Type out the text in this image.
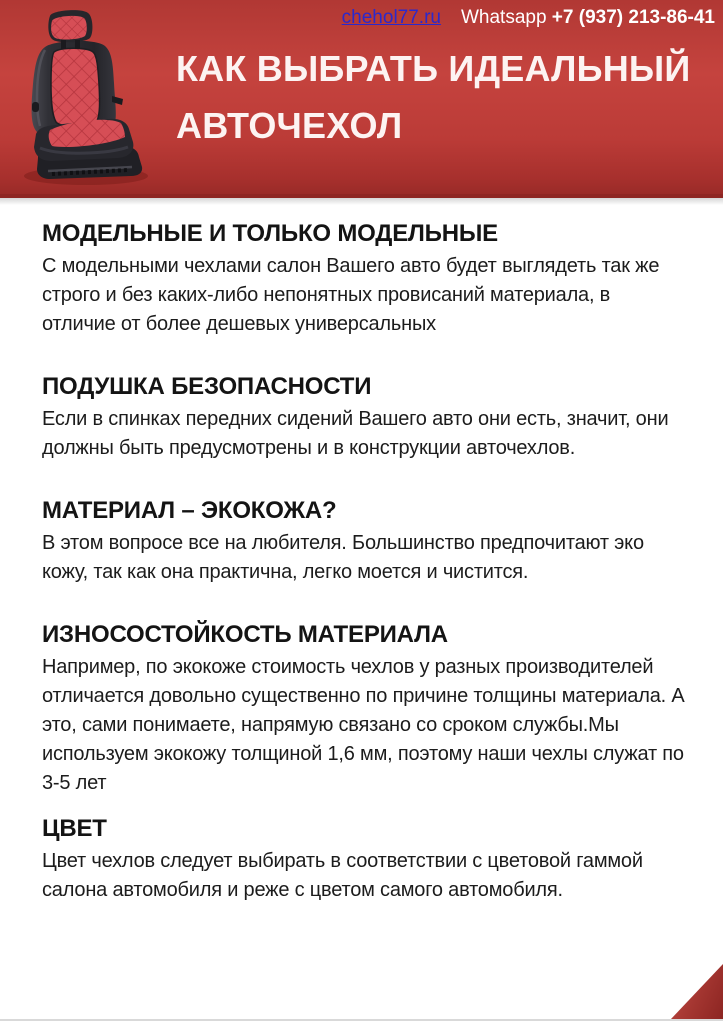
chehol77.ru Whatsapp +7 (937) 213-86-41
КАК ВЫБРАТЬ ИДЕАЛЬНЫЙ
АВТОЧЕХОЛ
МОДЕЛЬНЫЕ И ТОЛЬКО МОДЕЛЬНЫЕ

С модельными чехлами салон Вашего авто будет выглядеть так же строго и без каких-либо непонятных провисаний материала, в отличие от более дешевых универсальных

ПОДУШКА БЕЗОПАСНОСТИ

Если в спинках передних сидений Вашего авто они есть, значит, они должны быть предусмотрены и в конструкции авточехлов.

МАТЕРИАЛ – ЭКОКОЖА?

В этом вопросе все на любителя. Большинство предпочитают эко кожу, так как она практична, легко моется и чистится.

ИЗНОСОСТОЙКОСТЬ МАТЕРИАЛА

Например, по экокоже стоимость чехлов у разных производителей отличается довольно существенно по причине толщины материала. А это, сами понимаете, напрямую связано со сроком службы.Мы используем экокожу толщиной 1,6 мм, поэтому наши чехлы служат по 3-5 лет

ЦВЕТ

Цвет чехлов следует выбирать в соответствии с цветовой гаммой салона автомобиля и реже с цветом самого автомобиля.
